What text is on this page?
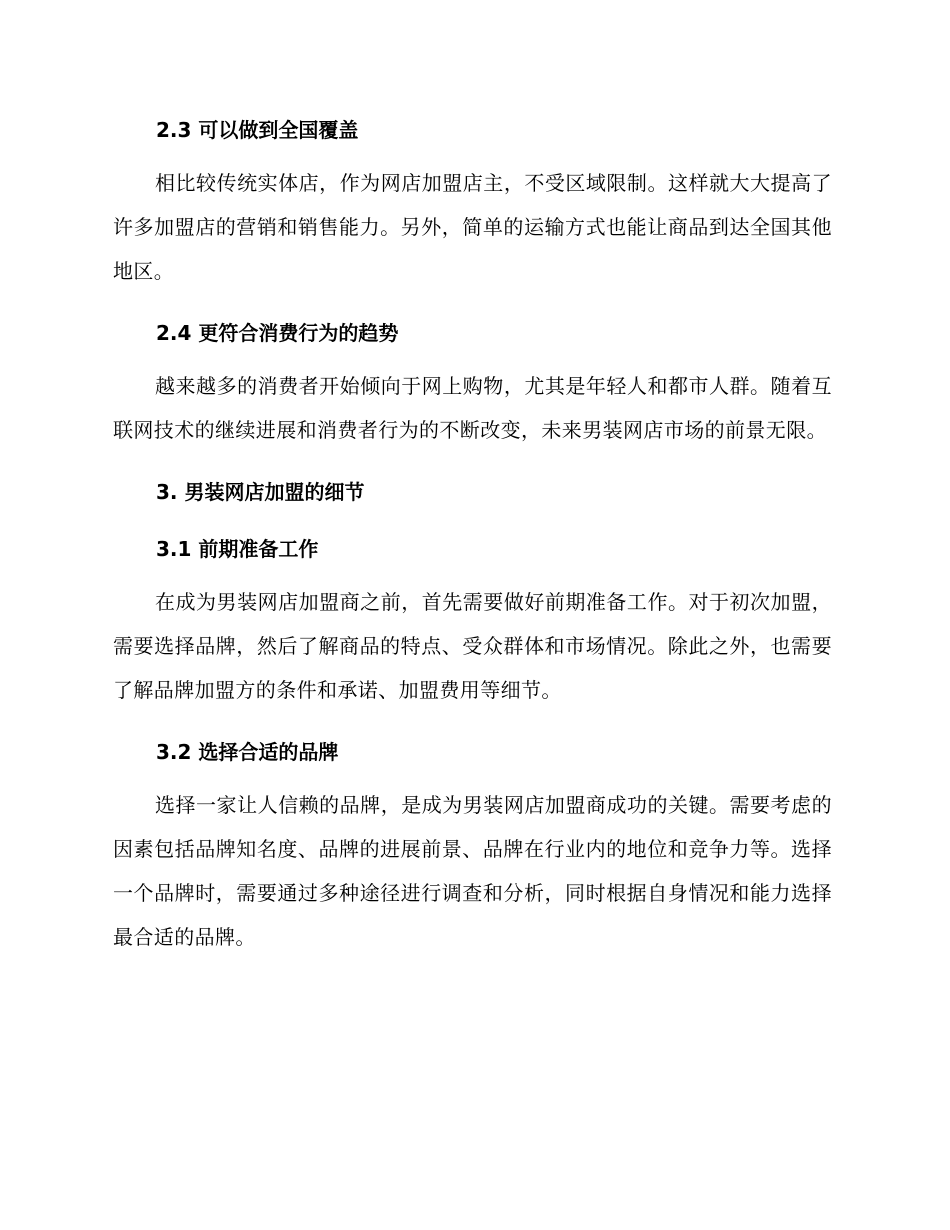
2.3 可以做到全国覆盖

相比较传统实体店，作为网店加盟店主，不受区域限制。这样就大大提高了许多加盟店的营销和销售能力。另外，简单的运输方式也能让商品到达全国其他地区。

2.4 更符合消费行为的趋势

越来越多的消费者开始倾向于网上购物，尤其是年轻人和都市人群。随着互联网技术的继续进展和消费者行为的不断改变，未来男装网店市场的前景无限。

3. 男装网店加盟的细节
3.1 前期准备工作

在成为男装网店加盟商之前，首先需要做好前期准备工作。对于初次加盟，需要选择品牌，然后了解商品的特点、受众群体和市场情况。除此之外，也需要了解品牌加盟方的条件和承诺、加盟费用等细节。

3.2 选择合适的品牌

选择一家让人信赖的品牌，是成为男装网店加盟商成功的关键。需要考虑的因素包括品牌知名度、品牌的进展前景、品牌在行业内的地位和竞争力等。选择一个品牌时，需要通过多种途径进行调查和分析，同时根据自身情况和能力选择最合适的品牌。
